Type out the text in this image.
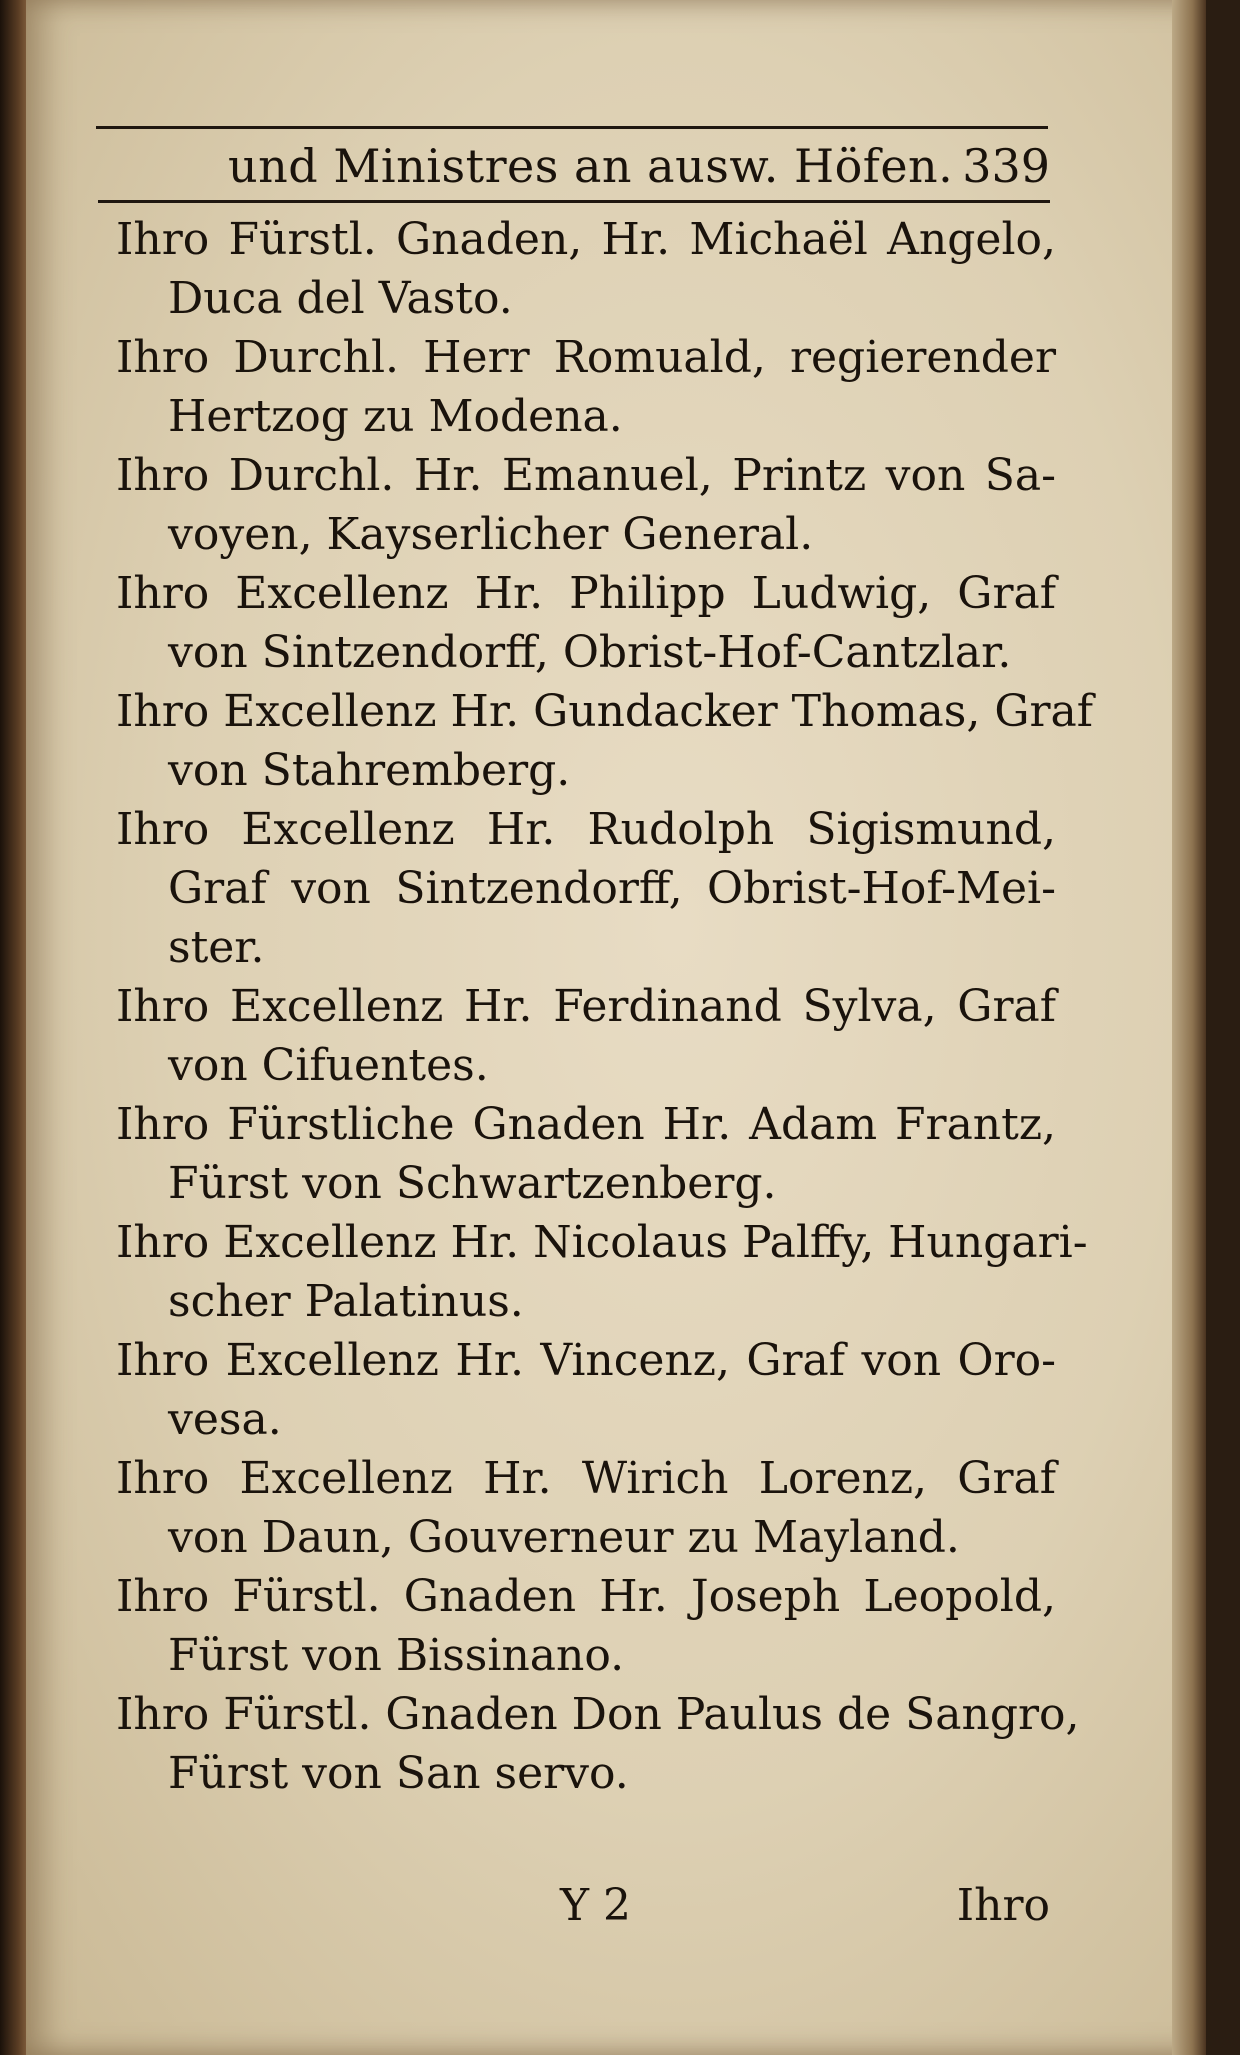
und Ministres an ausw. Höfen. 339
Ihro Fürstl. Gnaden, Hr. Michaël Angelo,
Duca del Vasto.
Ihro Durchl. Herr Romuald, regierender
Hertzog zu Modena.
Ihro Durchl. Hr. Emanuel, Printz von Sa-
voyen, Kayserlicher General.
Ihro Excellenz Hr. Philipp Ludwig, Graf
von Sintzendorff, Obrist-Hof-Cantzlar.
Ihro Excellenz Hr. Gundacker Thomas, Graf
von Stahremberg.
Ihro Excellenz Hr. Rudolph Sigismund,
Graf von Sintzendorff, Obrist-Hof-Mei-
ster.
Ihro Excellenz Hr. Ferdinand Sylva, Graf
von Cifuentes.
Ihro Fürstliche Gnaden Hr. Adam Frantz,
Fürst von Schwartzenberg.
Ihro Excellenz Hr. Nicolaus Palffy, Hungari-
scher Palatinus.
Ihro Excellenz Hr. Vincenz, Graf von Oro-
vesa.
Ihro Excellenz Hr. Wirich Lorenz, Graf
von Daun, Gouverneur zu Mayland.
Ihro Fürstl. Gnaden Hr. Joseph Leopold,
Fürst von Bissinano.
Ihro Fürstl. Gnaden Don Paulus de Sangro,
Fürst von San servo.
Y 2	Ihro
